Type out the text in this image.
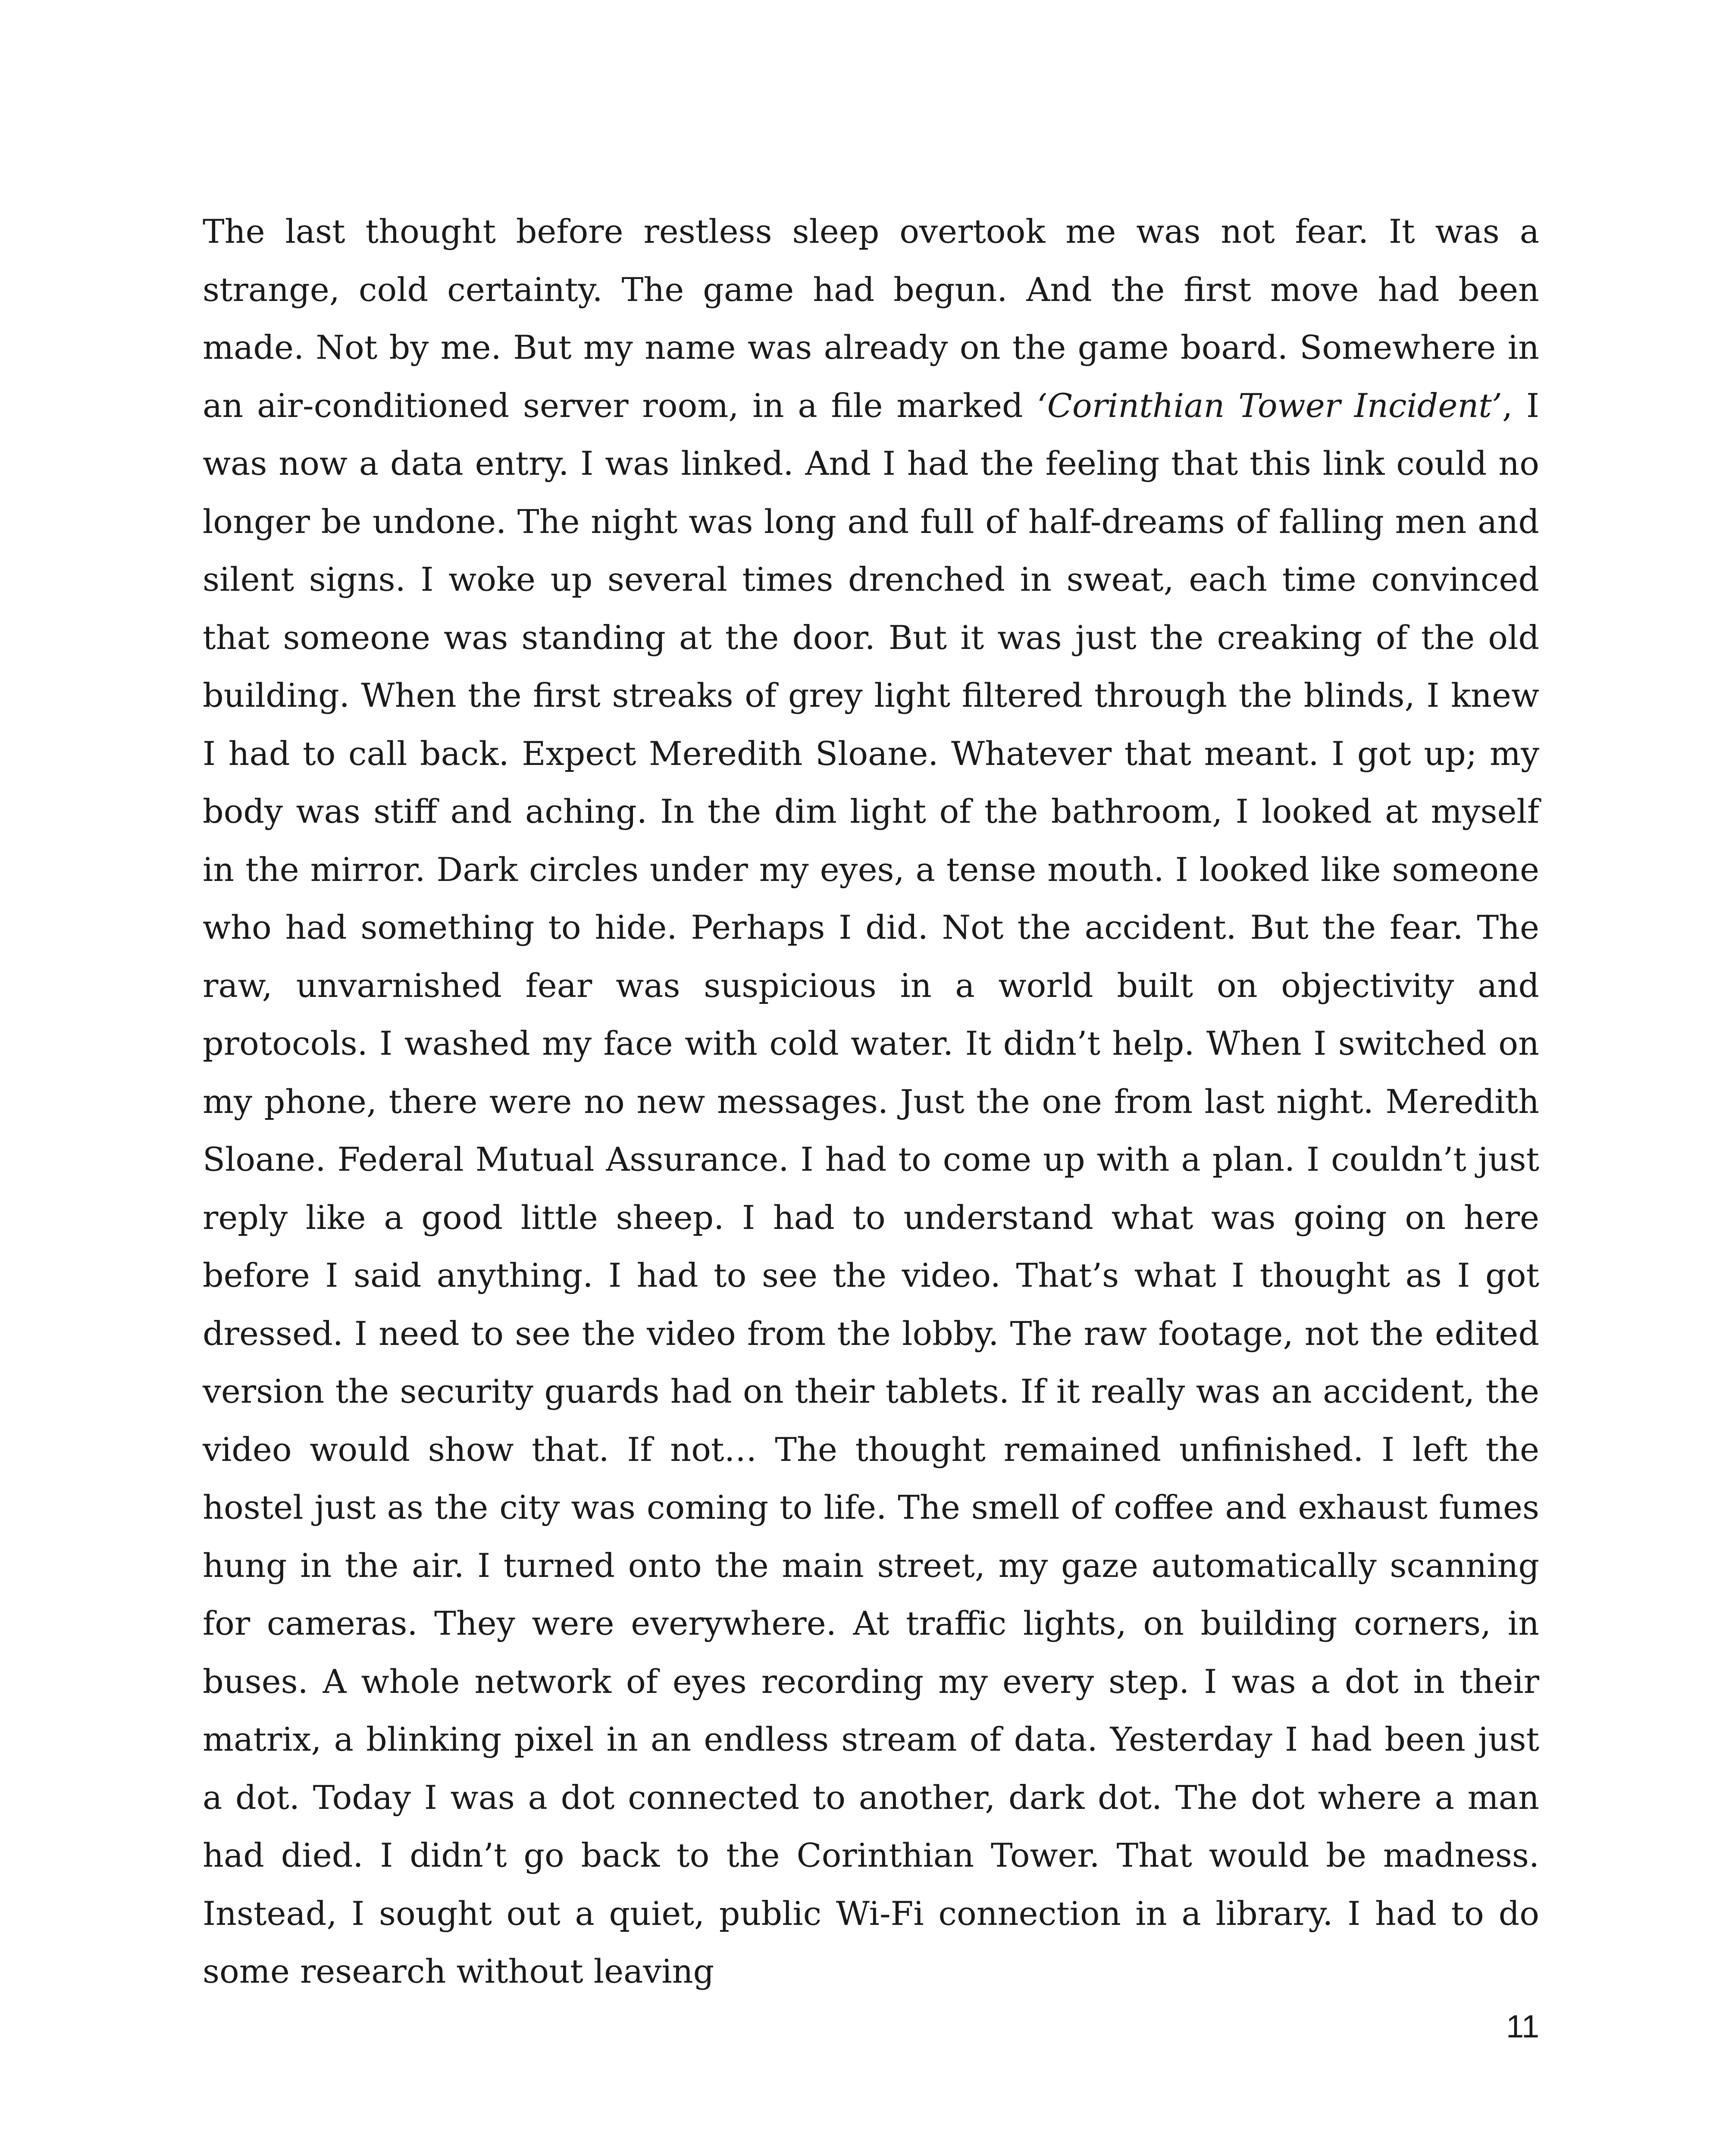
The last thought before restless sleep overtook me was not fear. It was a strange, cold certainty. The game had begun. And the first move had been made. Not by me. But my name was already on the game board. Somewhere in an air-conditioned server room, in a file marked ‘Corinthian Tower Incident’, I was now a data entry. I was linked. And I had the feeling that this link could no longer be undone. The night was long and full of half-dreams of falling men and silent signs. I woke up several times drenched in sweat, each time convinced that someone was standing at the door. But it was just the creaking of the old building. When the first streaks of grey light filtered through the blinds, I knew I had to call back. Expect Meredith Sloane. Whatever that meant. I got up; my body was stiff and aching. In the dim light of the bathroom, I looked at myself in the mirror. Dark circles under my eyes, a tense mouth. I looked like someone who had something to hide. Perhaps I did. Not the accident. But the fear. The raw, unvarnished fear was suspicious in a world built on objectivity and protocols. I washed my face with cold water. It didn’t help. When I switched on my phone, there were no new messages. Just the one from last night. Meredith Sloane. Federal Mutual Assurance. I had to come up with a plan. I couldn’t just reply like a good little sheep. I had to understand what was going on here before I said anything. I had to see the video. That’s what I thought as I got dressed. I need to see the video from the lobby. The raw footage, not the edited version the security guards had on their tablets. If it really was an accident, the video would show that. If not… The thought remained unfinished. I left the hostel just as the city was coming to life. The smell of coffee and exhaust fumes hung in the air. I turned onto the main street, my gaze automatically scanning for cameras. They were everywhere. At traffic lights, on building corners, in buses. A whole network of eyes recording my every step. I was a dot in their matrix, a blinking pixel in an endless stream of data. Yesterday I had been just a dot. Today I was a dot connected to another, dark dot. The dot where a man had died. I didn’t go back to the Corinthian Tower. That would be madness. Instead, I sought out a quiet, public Wi-Fi connection in a library. I had to do some research without leaving

11
